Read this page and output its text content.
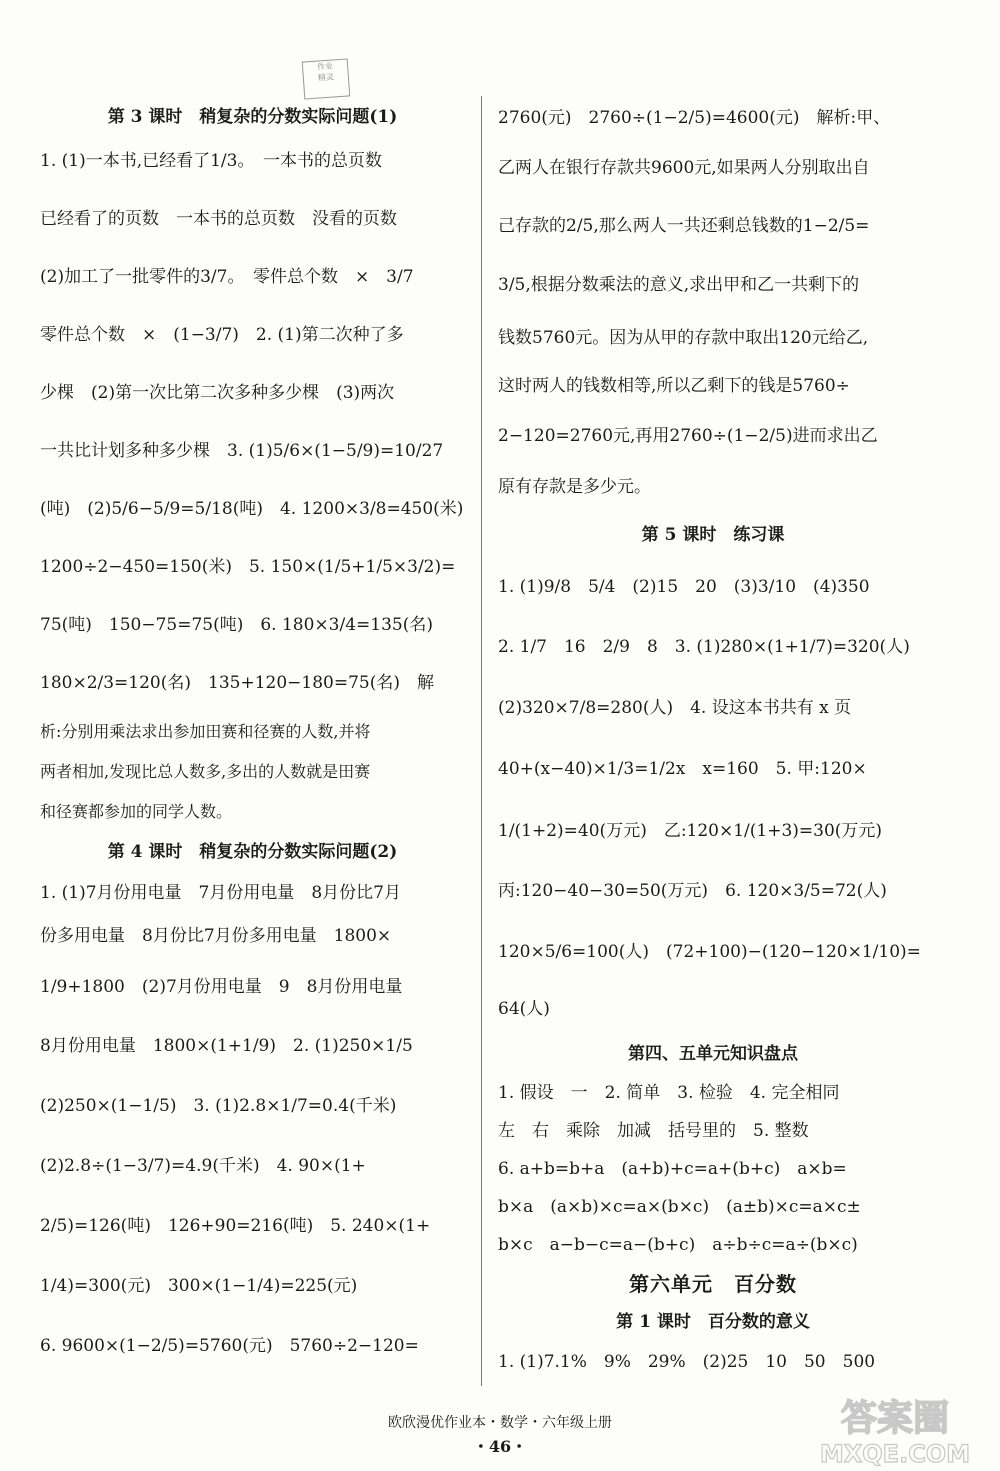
作业
精灵

第 3 课时　稍复杂的分数实际问题(1)

1. (1)一本书,已经看了1/3。　一本书的总页数

已经看了的页数　一本书的总页数　没看的页数

(2)加工了一批零件的3/7。　零件总个数　×　3/7

零件总个数　×　(1−3/7)　2. (1)第二次种了多

少棵　(2)第一次比第二次多种多少棵　(3)两次

一共比计划多种多少棵　3. (1)5/6×(1−5/9)=10/27

(吨)　(2)5/6−5/9=5/18(吨)　4. 1200×3/8=450(米)

1200÷2−450=150(米)　5. 150×(1/5+1/5×3/2)=

75(吨)　150−75=75(吨)　6. 180×3/4=135(名)

180×2/3=120(名)　135+120−180=75(名)　解

析:分别用乘法求出参加田赛和径赛的人数,并将

两者相加,发现比总人数多,多出的人数就是田赛

和径赛都参加的同学人数。

第 4 课时　稍复杂的分数实际问题(2)

1. (1)7月份用电量　7月份用电量　8月份比7月

份多用电量　8月份比7月份多用电量　1800×

1/9+1800　(2)7月份用电量　9　8月份用电量

8月份用电量　1800×(1+1/9)　2. (1)250×1/5

(2)250×(1−1/5)　3. (1)2.8×1/7=0.4(千米)

(2)2.8÷(1−3/7)=4.9(千米)　4. 90×(1+

2/5)=126(吨)　126+90=216(吨)　5. 240×(1+

1/4)=300(元)　300×(1−1/4)=225(元)

6. 9600×(1−2/5)=5760(元)　5760÷2−120=

2760(元)　2760÷(1−2/5)=4600(元)　解析:甲、

乙两人在银行存款共9600元,如果两人分别取出自

己存款的2/5,那么两人一共还剩总钱数的1−2/5=

3/5,根据分数乘法的意义,求出甲和乙一共剩下的

钱数5760元。因为从甲的存款中取出120元给乙,

这时两人的钱数相等,所以乙剩下的钱是5760÷

2−120=2760元,再用2760÷(1−2/5)进而求出乙

原有存款是多少元。

第 5 课时　练习课

1. (1)9/8　5/4　(2)15　20　(3)3/10　(4)350

2. 1/7　16　2/9　8　3. (1)280×(1+1/7)=320(人)

(2)320×7/8=280(人)　4. 设这本书共有 x 页

40+(x−40)×1/3=1/2x　x=160　5. 甲:120×

1/(1+2)=40(万元)　乙:120×1/(1+3)=30(万元)

丙:120−40−30=50(万元)　6. 120×3/5=72(人)

120×5/6=100(人)　(72+100)−(120−120×1/10)=

64(人)

第四、五单元知识盘点

1. 假设　一　2. 简单　3. 检验　4. 完全相同

左　右　乘除　加减　括号里的　5. 整数

6. a+b=b+a　(a+b)+c=a+(b+c)　a×b=

b×a　(a×b)×c=a×(b×c)　(a±b)×c=a×c±

b×c　a−b−c=a−(b+c)　a÷b÷c=a÷(b×c)

第六单元　百分数

第 1 课时　百分数的意义

1. (1)7.1%　9%　29%　(2)25　10　50　500

欧欣漫优作业本・数学・六年级上册
・46・
答案圈
MXQE.COM
